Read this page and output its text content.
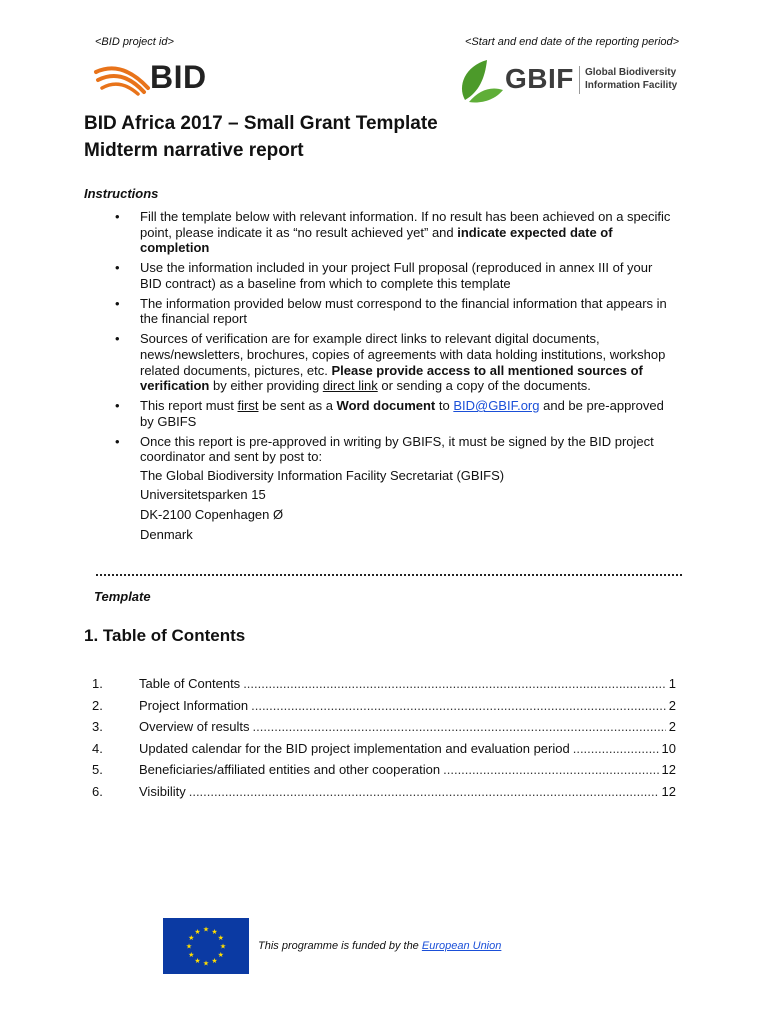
<BID project id>	<Start and end date of the reporting period>
BID	GBIF Global Biodiversity
Information Facility
BID Africa 2017 – Small Grant Template
Midterm narrative report
Instructions
• Fill the template below with relevant information. If no result has been achieved on a specific point, please indicate it as “no result achieved yet” and indicate expected date of completion
• Use the information included in your project Full proposal (reproduced in annex III of your BID contract) as a baseline from which to complete this template
• The information provided below must correspond to the financial information that appears in the financial report
• Sources of verification are for example direct links to relevant digital documents, news/newsletters, brochures, copies of agreements with data holding institutions, workshop related documents, pictures, etc. Please provide access to all mentioned sources of verification by either providing direct link or sending a copy of the documents.
• This report must first be sent as a Word document to BID@GBIF.org and be pre-approved by GBIFS
• Once this report is pre-approved in writing by GBIFS, it must be signed by the BID project coordinator and sent by post to:
The Global Biodiversity Information Facility Secretariat (GBIFS)
Universitetsparken 15
DK-2100 Copenhagen Ø
Denmark
Template
1. Table of Contents
1.	Table of Contents .....	1
2.	Project Information .....	2
3.	Overview of results .....	2
4.	Updated calendar for the BID project implementation and evaluation period .....	10
5.	Beneficiaries/affiliated entities and other cooperation .....	12
6.	Visibility .....	12
★ ★
★
★
★
★
★
★
★
★
★
★
This programme is funded by the European Union
